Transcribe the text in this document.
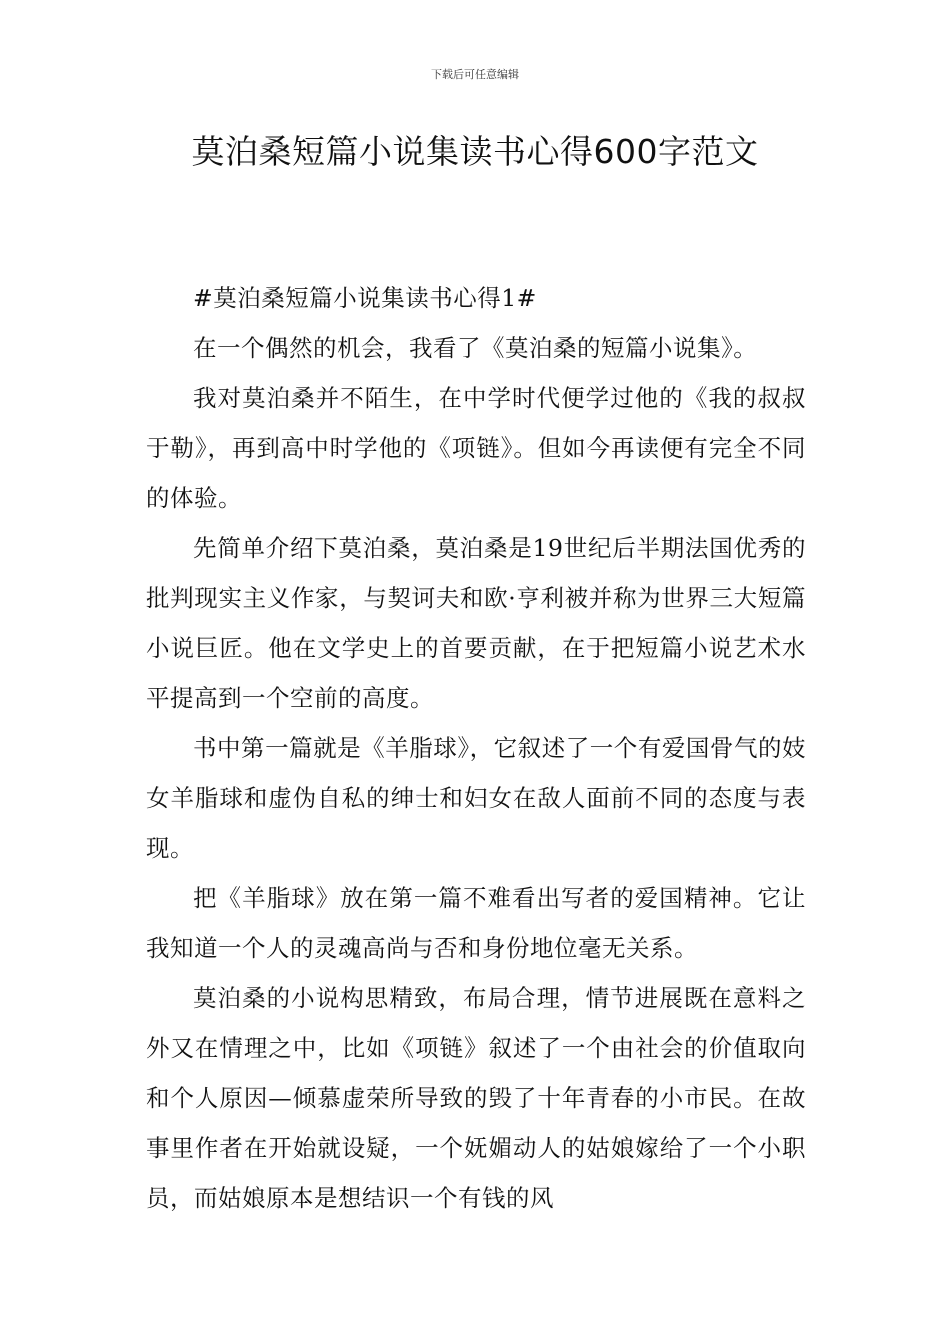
下载后可任意编辑
莫泊桑短篇小说集读书心得600字范文

#莫泊桑短篇小说集读书心得1#

在一个偶然的机会，我看了《莫泊桑的短篇小说集》。

我对莫泊桑并不陌生，在中学时代便学过他的《我的叔叔于勒》，再到高中时学他的《项链》。但如今再读便有完全不同的体验。

先简单介绍下莫泊桑，莫泊桑是19世纪后半期法国优秀的批判现实主义作家，与契诃夫和欧·亨利被并称为世界三大短篇小说巨匠。他在文学史上的首要贡献，在于把短篇小说艺术水平提高到一个空前的高度。

书中第一篇就是《羊脂球》，它叙述了一个有爱国骨气的妓女羊脂球和虚伪自私的绅士和妇女在敌人面前不同的态度与表现。

把《羊脂球》放在第一篇不难看出写者的爱国精神。它让我知道一个人的灵魂高尚与否和身份地位毫无关系。

莫泊桑的小说构思精致，布局合理，情节进展既在意料之外又在情理之中，比如《项链》叙述了一个由社会的价值取向和个人原因—倾慕虚荣所导致的毁了十年青春的小市民。在故事里作者在开始就设疑，一个妩媚动人的姑娘嫁给了一个小职员，而姑娘原本是想结识一个有钱的风
